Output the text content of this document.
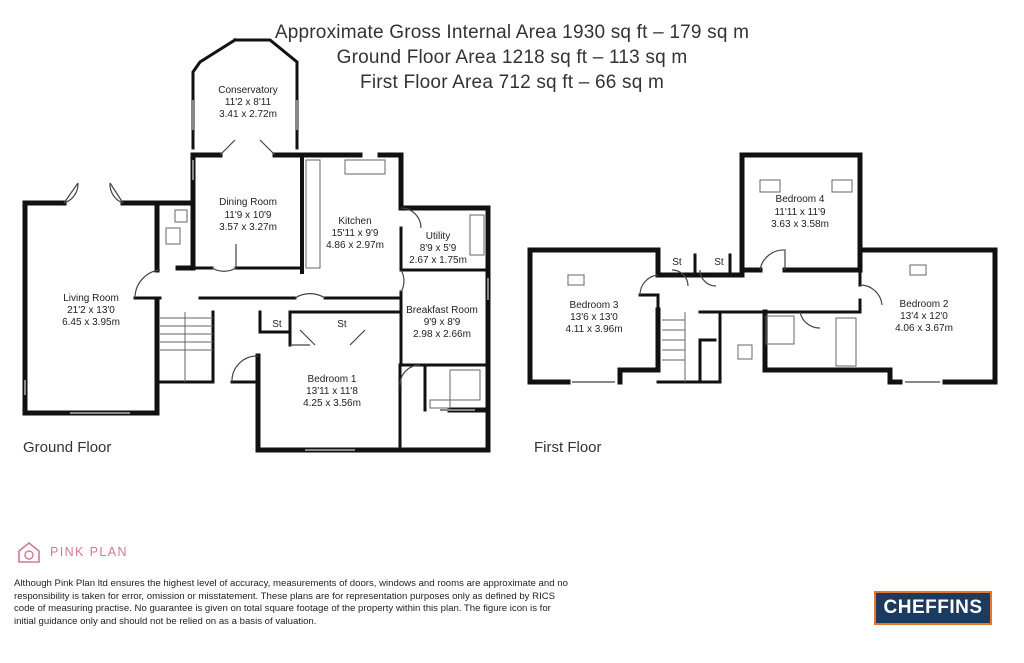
Approximate Gross Internal Area 1930 sq ft – 179 sq m
Ground Floor Area 1218 sq ft – 113 sq m
First Floor Area 712 sq ft – 66 sq m
Conservatory
11'2 x 8'11
3.41 x 2.72m
Dining Room
11'9 x 10'9
3.57 x 3.27m
Kitchen
15'11 x 9'9
4.86 x 2.97m
Utility
8'9 x 5'9
2.67 x 1.75m
Living Room
21'2 x 13'0
6.45 x 3.95m
Breakfast Room
9'9 x 8'9
2.98 x 2.66m
Bedroom 1
13'11 x 11'8
4.25 x 3.56m
St	St
St	St
Bedroom 4
11'11 x 11'9
3.63 x 3.58m
Bedroom 3
13'6 x 13'0
4.11 x 3.96m
Bedroom 2
13'4 x 12'0
4.06 x 3.67m
Ground Floor	First Floor
PINK PLAN
Although Pink Plan ltd ensures the highest level of accuracy, measurements of doors, windows and rooms are approximate and no responsibility is taken for error, omission or misstatement. These plans are for representation purposes only as defined by RICS code of measuring practise. No guarantee is given on total square footage of the property within this plan. The figure icon is for initial guidance only and should not be relied on as a basis of valuation.
CHEFFINS
